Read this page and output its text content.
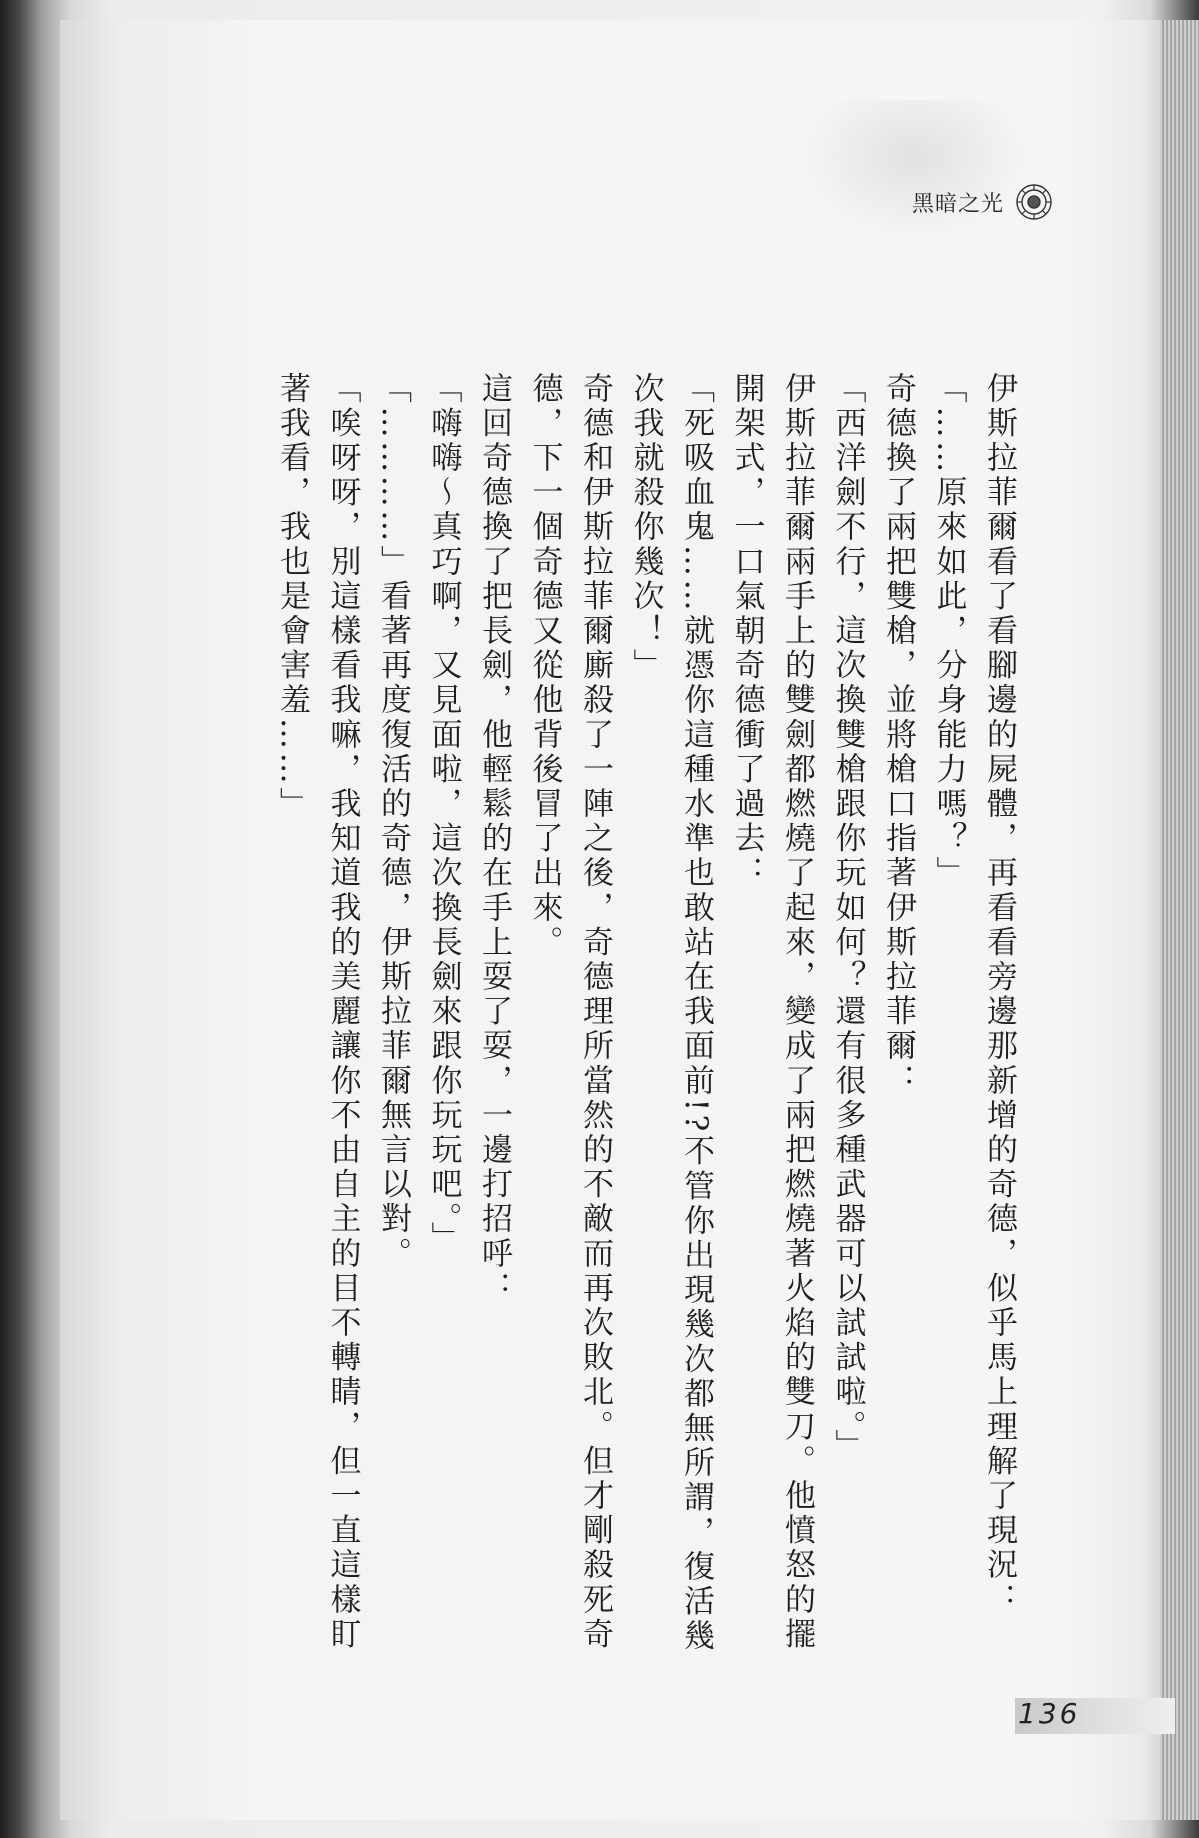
黑暗之光

伊斯拉菲爾看了看腳邊的屍體，再看看旁邊那新增的奇德，似乎馬上理解了現況：

「……原來如此，分身能力嗎？」

奇德換了兩把雙槍，並將槍口指著伊斯拉菲爾：

「西洋劍不行，這次換雙槍跟你玩如何？還有很多種武器可以試試啦。」

伊斯拉菲爾兩手上的雙劍都燃燒了起來，變成了兩把燃燒著火焰的雙刀。他憤怒的擺開架式，一口氣朝奇德衝了過去：

「死吸血鬼……就憑你這種水準也敢站在我面前!?不管你出現幾次都無所謂，復活幾次我就殺你幾次！」

奇德和伊斯拉菲爾廝殺了一陣之後，奇德理所當然的不敵而再次敗北。但才剛殺死奇德，下一個奇德又從他背後冒了出來。

這回奇德換了把長劍，他輕鬆的在手上耍了耍，一邊打招呼：

「嗨嗨～真巧啊，又見面啦，這次換長劍來跟你玩玩吧。」

「…………」看著再度復活的奇德，伊斯拉菲爾無言以對。

「唉呀呀，別這樣看我嘛，我知道我的美麗讓你不由自主的目不轉睛，但一直這樣盯著我看，我也是會害羞……」

136
